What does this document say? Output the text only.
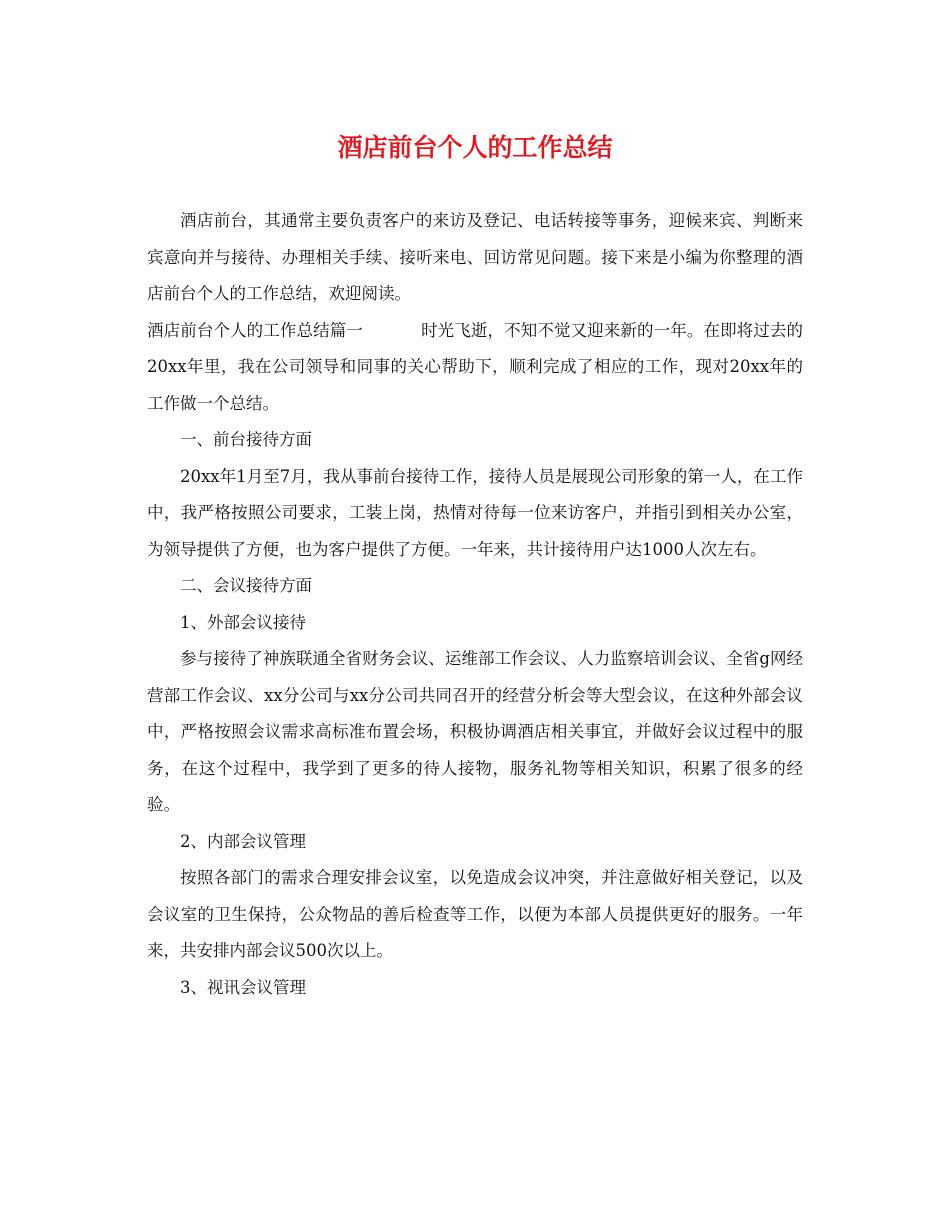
酒店前台个人的工作总结

酒店前台，其通常主要负责客户的来访及登记、电话转接等事务，迎候来宾、判断来宾意向并与接待、办理相关手续、接听来电、回访常见问题。接下来是小编为你整理的酒店前台个人的工作总结，欢迎阅读。

酒店前台个人的工作总结篇一	时光飞逝，不知不觉又迎来新的一年。在即将过去的20xx年里，我在公司领导和同事的关心帮助下，顺利完成了相应的工作，现对20xx年的工作做一个总结。

一、前台接待方面

20xx年1月至7月，我从事前台接待工作，接待人员是展现公司形象的第一人，在工作中，我严格按照公司要求，工装上岗，热情对待每一位来访客户，并指引到相关办公室，为领导提供了方便，也为客户提供了方便。一年来，共计接待用户达1000人次左右。

二、会议接待方面

1、外部会议接待

参与接待了神族联通全省财务会议、运维部工作会议、人力监察培训会议、全省g网经营部工作会议、xx分公司与xx分公司共同召开的经营分析会等大型会议，在这种外部会议中，严格按照会议需求高标准布置会场，积极协调酒店相关事宜，并做好会议过程中的服务，在这个过程中，我学到了更多的待人接物，服务礼物等相关知识，积累了很多的经验。

2、内部会议管理

按照各部门的需求合理安排会议室，以免造成会议冲突，并注意做好相关登记，以及会议室的卫生保持，公众物品的善后检查等工作，以便为本部人员提供更好的服务。一年来，共安排内部会议500次以上。

3、视讯会议管理
